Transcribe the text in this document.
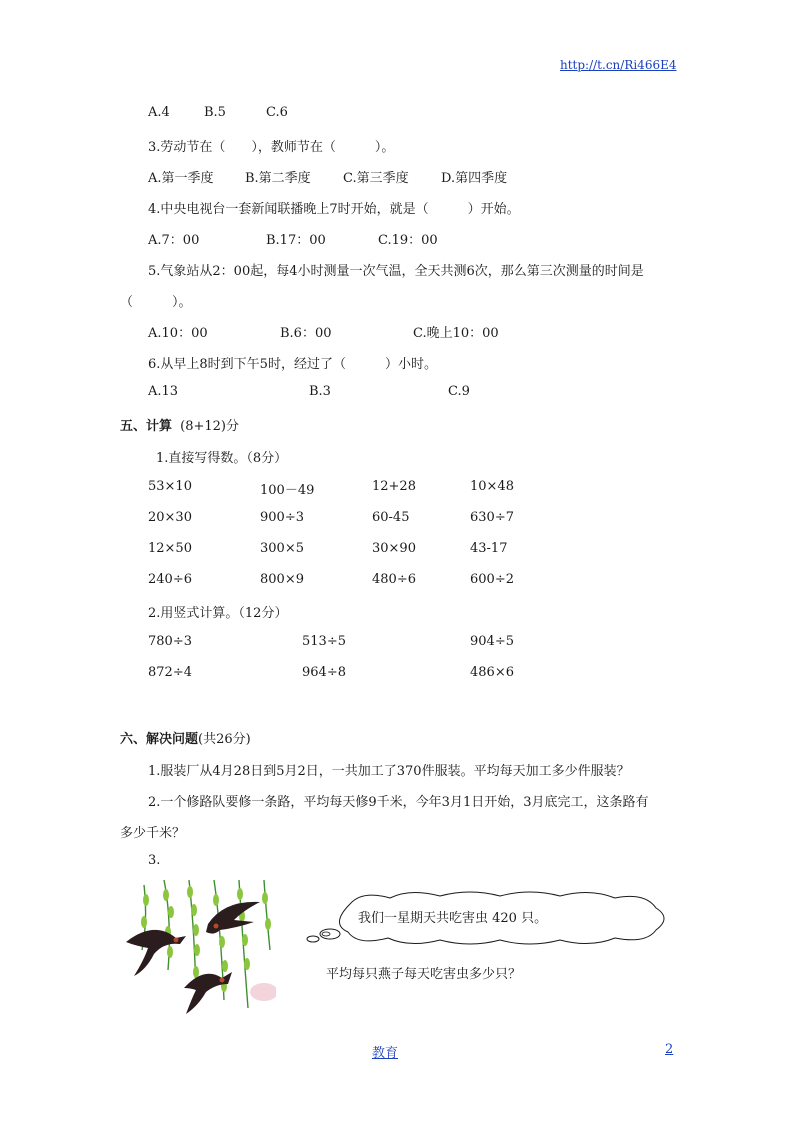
http://t.cn/Ri466E4
A.4	B.5	C.6
3.劳动节在（　　），教师节在（　　　）。
A.第一季度 B.第二季度 C.第三季度 D.第四季度
4.中央电视台一套新闻联播晚上7时开始，就是（　　　）开始。
A.7：00	B.17：00	C.19：00
5.气象站从2：00起，每4小时测量一次气温，全天共测6次，那么第三次测量的时间是
（　　　）。
A.10：00	B.6：00	C.晚上10：00
6.从早上8时到下午5时，经过了（　　　）小时。
A.13	B.3	C.9
五、计算 (8+12)分
1.直接写得数。（8分）
53×10	100－49	12+28	10×48
20×30	900÷3	60-45	630÷7
12×50	300×5	30×90	43-17
240÷6	800×9	480÷6	600÷2
2.用竖式计算。（12分）
780÷3	513÷5	904÷5
872÷4	964÷8	486×6
六、解决问题(共26分)
1.服装厂从4月28日到5月2日，一共加工了370件服装。平均每天加工多少件服装？
2.一个修路队要修一条路，平均每天修9千米，今年3月1日开始，3月底完工，这条路有
多少千米？
3.
我们一星期天共吃害虫 420 只。
平均每只燕子每天吃害虫多少只？
教育	2
